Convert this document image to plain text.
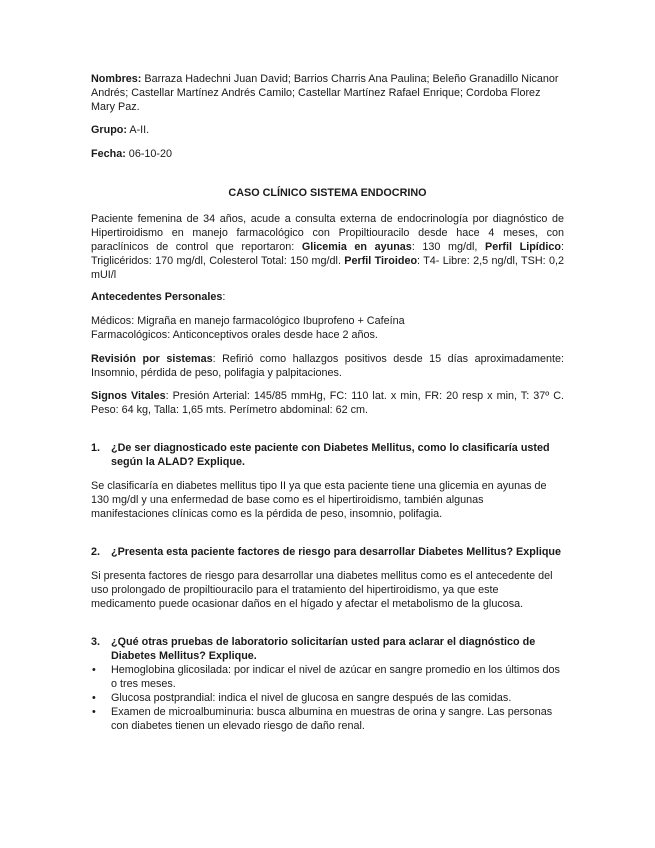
Nombres: Barraza Hadechni Juan David; Barrios Charris Ana Paulina; Beleño Granadillo Nicanor Andrés; Castellar Martínez Andrés Camilo; Castellar Martínez Rafael Enrique; Cordoba Florez Mary Paz.

Grupo: A-II.

Fecha: 06-10-20

CASO CLÍNICO SISTEMA ENDOCRINO

Paciente femenina de 34 años, acude a consulta externa de endocrinología por diagnóstico de Hipertiroidismo en manejo farmacológico con Propiltiouracilo desde hace 4 meses, con paraclínicos de control que reportaron: Glicemia en ayunas: 130 mg/dl, Perfil Lipídico: Triglicéridos: 170 mg/dl, Colesterol Total: 150 mg/dl. Perfil Tiroideo: T4- Libre: 2,5 ng/dl, TSH: 0,2 mUI/l

Antecedentes Personales:

Médicos: Migraña en manejo farmacológico Ibuprofeno + Cafeína

Farmacológicos: Anticonceptivos orales desde hace 2 años.

Revisión por sistemas: Refirió como hallazgos positivos desde 15 días aproximadamente: Insomnio, pérdida de peso, polifagia y palpitaciones.

Signos Vitales: Presión Arterial: 145/85 mmHg, FC: 110 lat. x min, FR: 20 resp x min, T: 37º C. Peso: 64 kg, Talla: 1,65 mts. Perímetro abdominal: 62 cm.

1. ¿De ser diagnosticado este paciente con Diabetes Mellitus, como lo clasificaría usted según la ALAD? Explique.

Se clasificaría en diabetes mellitus tipo II ya que esta paciente tiene una glicemia en ayunas de 130 mg/dl y una enfermedad de base como es el hipertiroidismo, también algunas manifestaciones clínicas como es la pérdida de peso, insomnio, polifagia.

2. ¿Presenta esta paciente factores de riesgo para desarrollar Diabetes Mellitus? Explique

Si presenta factores de riesgo para desarrollar una diabetes mellitus como es el antecedente del uso prolongado de propiltiouracilo para el tratamiento del hipertiroidismo, ya que este medicamento puede ocasionar daños en el hígado y afectar el metabolismo de la glucosa.

3. ¿Qué otras pruebas de laboratorio solicitarían usted para aclarar el diagnóstico de Diabetes Mellitus? Explique.
• Hemoglobina glicosilada: por indicar el nivel de azúcar en sangre promedio en los últimos dos o tres meses.
• Glucosa postprandial: indica el nivel de glucosa en sangre después de las comidas.
• Examen de microalbuminuria: busca albumina en muestras de orina y sangre. Las personas con diabetes tienen un elevado riesgo de daño renal.
